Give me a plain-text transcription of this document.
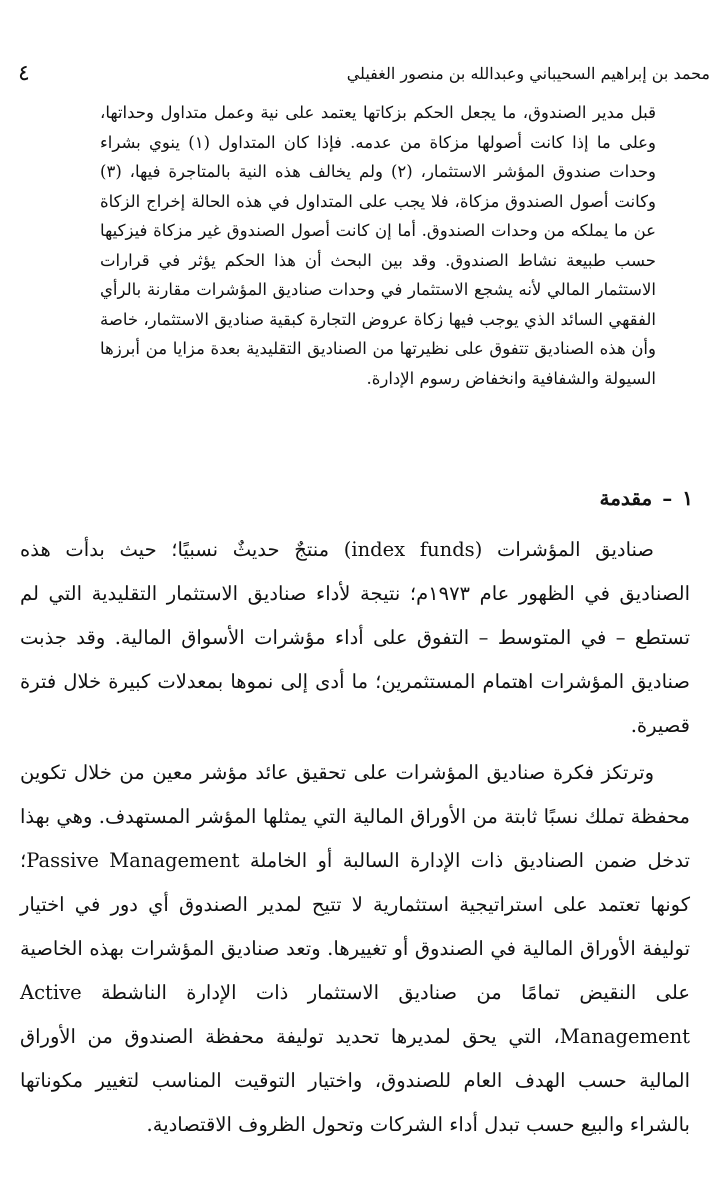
٤	محمد بن إبراهيم السحيباني وعبدالله بن منصور الغفيلي
قبل مدير الصندوق، ما يجعل الحكم بزكاتها يعتمد على نية وعمل متداول وحداتها، وعلى ما إذا كانت أصولها مزكاة من عدمه. فإذا كان المتداول (١) ينوي بشراء وحدات صندوق المؤشر الاستثمار، (٢) ولم يخالف هذه النية بالمتاجرة فيها، (٣) وكانت أصول الصندوق مزكاة، فلا يجب على المتداول في هذه الحالة إخراج الزكاة عن ما يملكه من وحدات الصندوق. أما إن كانت أصول الصندوق غير مزكاة فيزكيها حسب طبيعة نشاط الصندوق. وقد بين البحث أن هذا الحكم يؤثر في قرارات الاستثمار المالي لأنه يشجع الاستثمار في وحدات صناديق المؤشرات مقارنة بالرأي الفقهي السائد الذي يوجب فيها زكاة عروض التجارة كبقية صناديق الاستثمار، خاصة وأن هذه الصناديق تتفوق على نظيرتها من الصناديق التقليدية بعدة مزايا من أبرزها السيولة والشفافية وانخفاض رسوم الإدارة.
١
–
مقدمة
صناديق المؤشرات (index funds) منتجٌ حديثٌ نسبيًا؛ حيث بدأت هذه الصناديق في الظهور عام ١٩٧٣م؛ نتيجة لأداء صناديق الاستثمار التقليدية التي لم تستطع – في المتوسط – التفوق على أداء مؤشرات الأسواق المالية. وقد جذبت صناديق المؤشرات اهتمام المستثمرين؛ ما أدى إلى نموها بمعدلات كبيرة خلال فترة قصيرة.
وترتكز فكرة صناديق المؤشرات على تحقيق عائد مؤشر معين من خلال تكوين محفظة تملك نسبًا ثابتة من الأوراق المالية التي يمثلها المؤشر المستهدف. وهي بهذا تدخل ضمن الصناديق ذات الإدارة السالبة أو الخاملة Passive Management؛ كونها تعتمد على استراتيجية استثمارية لا تتيح لمدير الصندوق أي دور في اختيار توليفة الأوراق المالية في الصندوق أو تغييرها. وتعد صناديق المؤشرات بهذه الخاصية على النقيض تمامًا من صناديق الاستثمار ذات الإدارة الناشطة Active Management، التي يحق لمديرها تحديد توليفة محفظة الصندوق من الأوراق المالية حسب الهدف العام للصندوق، واختيار التوقيت المناسب لتغيير مكوناتها بالشراء والبيع حسب تبدل أداء الشركات وتحول الظروف الاقتصادية.
